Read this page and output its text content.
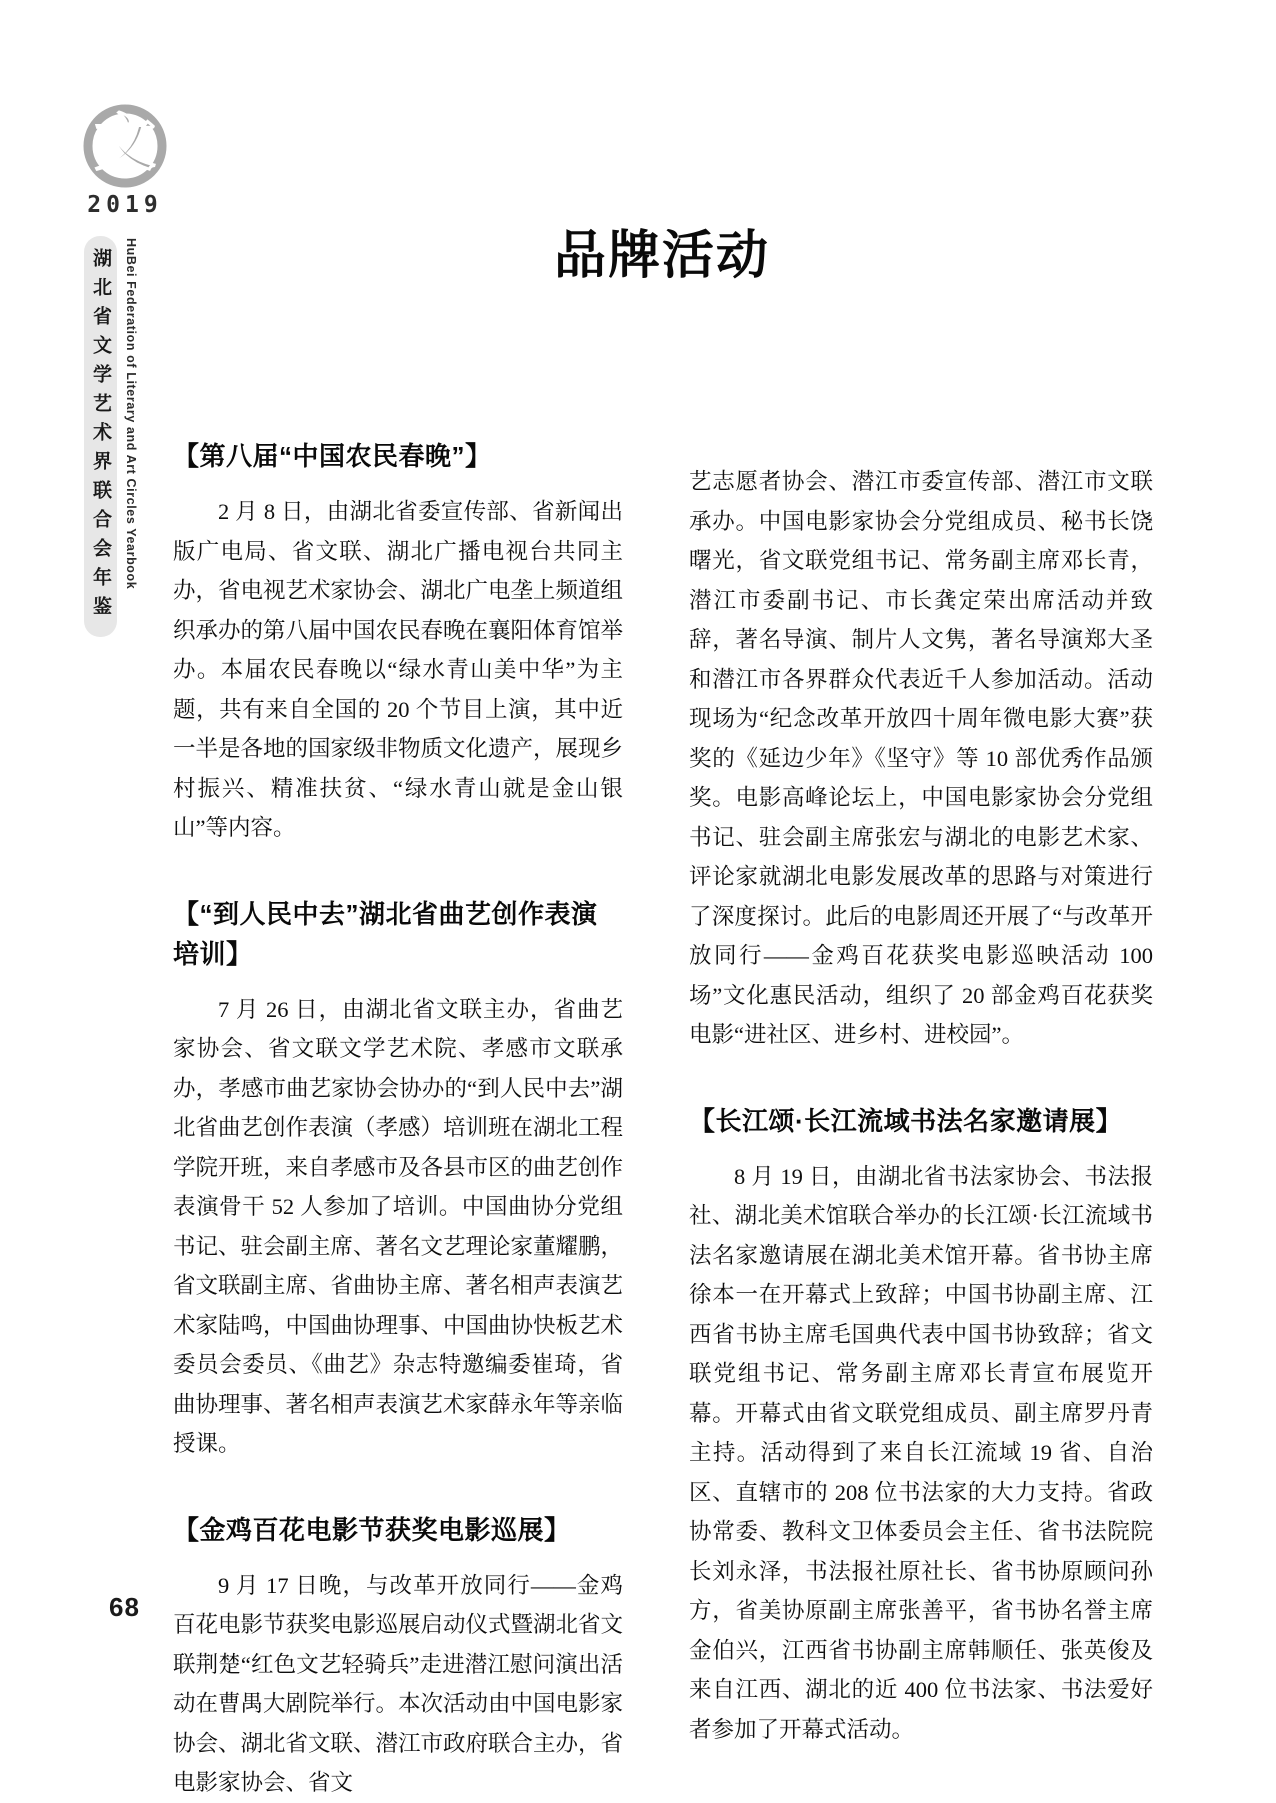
文
2019
湖北省文学艺术界联合会年鉴	HuBei Federation of Literary and Art Circles Yearbook	品牌活动
【第八届“中国农民春晚”】

2 月 8 日，由湖北省委宣传部、省新闻出版广电局、省文联、湖北广播电视台共同主办，省电视艺术家协会、湖北广电垄上频道组织承办的第八届中国农民春晚在襄阳体育馆举办。本届农民春晚以“绿水青山美中华”为主题，共有来自全国的 20 个节目上演，其中近一半是各地的国家级非物质文化遗产，展现乡村振兴、精准扶贫、“绿水青山就是金山银山”等内容。

【“到人民中去”湖北省曲艺创作表演培训】

7 月 26 日，由湖北省文联主办，省曲艺家协会、省文联文学艺术院、孝感市文联承办，孝感市曲艺家协会协办的“到人民中去”湖北省曲艺创作表演（孝感）培训班在湖北工程学院开班，来自孝感市及各县市区的曲艺创作表演骨干 52 人参加了培训。中国曲协分党组书记、驻会副主席、著名文艺理论家董耀鹏，省文联副主席、省曲协主席、著名相声表演艺术家陆鸣，中国曲协理事、中国曲协快板艺术委员会委员、《曲艺》杂志特邀编委崔琦，省曲协理事、著名相声表演艺术家薛永年等亲临授课。

【金鸡百花电影节获奖电影巡展】

9 月 17 日晚，与改革开放同行——金鸡百花电影节获奖电影巡展启动仪式暨湖北省文联荆楚“红色文艺轻骑兵”走进潜江慰问演出活动在曹禺大剧院举行。本次活动由中国电影家协会、湖北省文联、潜江市政府联合主办，省电影家协会、省文

艺志愿者协会、潜江市委宣传部、潜江市文联承办。中国电影家协会分党组成员、秘书长饶曙光，省文联党组书记、常务副主席邓长青，潜江市委副书记、市长龚定荣出席活动并致辞，著名导演、制片人文隽，著名导演郑大圣和潜江市各界群众代表近千人参加活动。活动现场为“纪念改革开放四十周年微电影大赛”获奖的《延边少年》《坚守》等 10 部优秀作品颁奖。电影高峰论坛上，中国电影家协会分党组书记、驻会副主席张宏与湖北的电影艺术家、评论家就湖北电影发展改革的思路与对策进行了深度探讨。此后的电影周还开展了“与改革开放同行——金鸡百花获奖电影巡映活动 100 场”文化惠民活动，组织了 20 部金鸡百花获奖电影“进社区、进乡村、进校园”。

【长江颂·长江流域书法名家邀请展】

8 月 19 日，由湖北省书法家协会、书法报社、湖北美术馆联合举办的长江颂·长江流域书法名家邀请展在湖北美术馆开幕。省书协主席徐本一在开幕式上致辞；中国书协副主席、江西省书协主席毛国典代表中国书协致辞；省文联党组书记、常务副主席邓长青宣布展览开幕。开幕式由省文联党组成员、副主席罗丹青主持。活动得到了来自长江流域 19 省、自治区、直辖市的 208 位书法家的大力支持。省政协常委、教科文卫体委员会主任、省书法院院长刘永泽，书法报社原社长、省书协原顾问孙方，省美协原副主席张善平，省书协名誉主席金伯兴，江西省书协副主席韩顺任、张英俊及来自江西、湖北的近 400 位书法家、书法爱好者参加了开幕式活动。

68
